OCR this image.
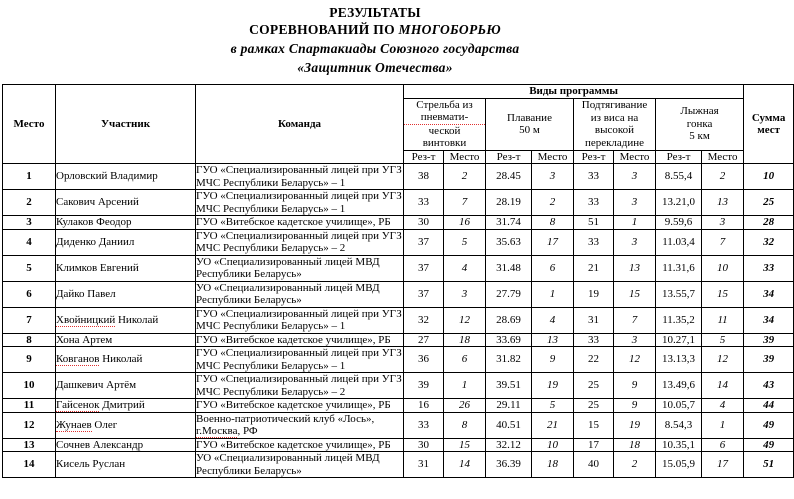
РЕЗУЛЬТАТЫ
СОРЕВНОВАНИЙ ПО МНОГОБОРЬЮ
в рамках Спартакиады Союзного государства
«Защитник Отечества»
Место	Участник	Команда	Виды программы								Сумма мест

			Стрельба из
пневмати-
ческой
винтовки		Плавание
50 м		Подтягивание
из виса на
высокой
перекладине		Лыжная
гонка
5 км		

			Рез-т	Место	Рез-т	Место	Рез-т	Место	Рез-т	Место	
1	Орловский Владимир	ГУО «Специализированный лицей при УГЗ
МЧС Республики Беларусь» – 1	38	2	28.45	3	33	3	8.55,4	2	10
2	Сакович Арсений	ГУО «Специализированный лицей при УГЗ
МЧС Республики Беларусь» – 1	33	7	28.19	2	33	3	13.21,0	13	25
3	Кулаков Феодор	ГУО «Витебское кадетское училище», РБ	30	16	31.74	8	51	1	9.59,6	3	28
4	Диденко Даниил	ГУО «Специализированный лицей при УГЗ
МЧС Республики Беларусь» – 2	37	5	35.63	17	33	3	11.03,4	7	32
5	Климков Евгений	УО «Специализированный лицей МВД
Республики Беларусь»	37	4	31.48	6	21	13	11.31,6	10	33
6	Дайко Павел	УО «Специализированный лицей МВД
Республики Беларусь»	37	3	27.79	1	19	15	13.55,7	15	34
7	Хвойницкий Николай	ГУО «Специализированный лицей при УГЗ
МЧС Республики Беларусь» – 1	32	12	28.69	4	31	7	11.35,2	11	34
8	Хона Артем	ГУО «Витебское кадетское училище», РБ	27	18	33.69	13	33	3	10.27,1	5	39
9	Ковганов Николай	ГУО «Специализированный лицей при УГЗ
МЧС Республики Беларусь» – 1	36	6	31.82	9	22	12	13.13,3	12	39
10	Дашкевич Артём	ГУО «Специализированный лицей при УГЗ
МЧС Республики Беларусь» – 2	39	1	39.51	19	25	9	13.49,6	14	43
11	Гайсенок Дмитрий	ГУО «Витебское кадетское училище», РБ	16	26	29.11	5	25	9	10.05,7	4	44
12	Жунаев Олег	Военно-патриотический клуб «Лось»,
г.Москва, РФ	33	8	40.51	21	15	19	8.54,3	1	49
13	Сочнев Александр	ГУО «Витебское кадетское училище», РБ	30	15	32.12	10	17	18	10.35,1	6	49
14	Кисель Руслан	УО «Специализированный лицей МВД
Республики Беларусь»	31	14	36.39	18	40	2	15.05,9	17	51
